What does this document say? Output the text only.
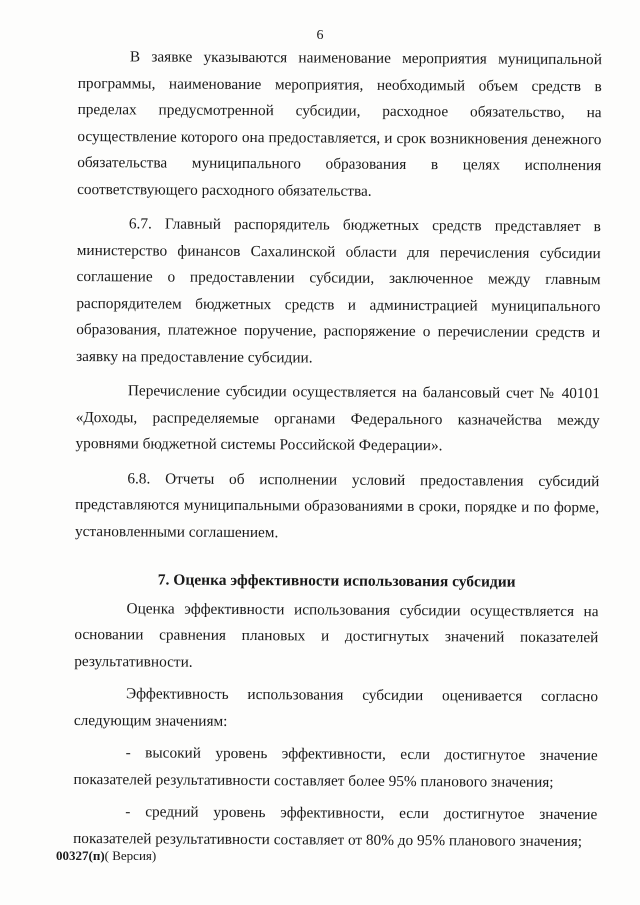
6

В заявке указываются наименование мероприятия муниципальной программы, наименование мероприятия, необходимый объем средств в пределах предусмотренной субсидии, расходное обязательство, на осуществление которого она предоставляется, и срок возникновения денежного обязательства муниципального образования в целях исполнения соответствующего расходного обязательства.

6.7. Главный распорядитель бюджетных средств представляет в министерство финансов Сахалинской области для перечисления субсидии соглашение о предоставлении субсидии, заключенное между главным распорядителем бюджетных средств и администрацией муниципального образования, платежное поручение, распоряжение о перечислении средств и заявку на предоставление субсидии.

Перечисление субсидии осуществляется на балансовый счет № 40101 «Доходы, распределяемые органами Федерального казначейства между уровнями бюджетной системы Российской Федерации».

6.8. Отчеты об исполнении условий предоставления субсидий представляются муниципальными образованиями в сроки, порядке и по форме, установленными соглашением.

7. Оценка эффективности использования субсидии

Оценка эффективности использования субсидии осуществляется на основании сравнения плановых и достигнутых значений показателей результативности.

Эффективность использования субсидии оценивается согласно следующим значениям:

- высокий уровень эффективности, если достигнутое значение показателей результативности составляет более 95% планового значения;

- средний уровень эффективности, если достигнутое значение показателей результативности составляет от 80% до 95% планового значения;

00327(п)( Версия)
